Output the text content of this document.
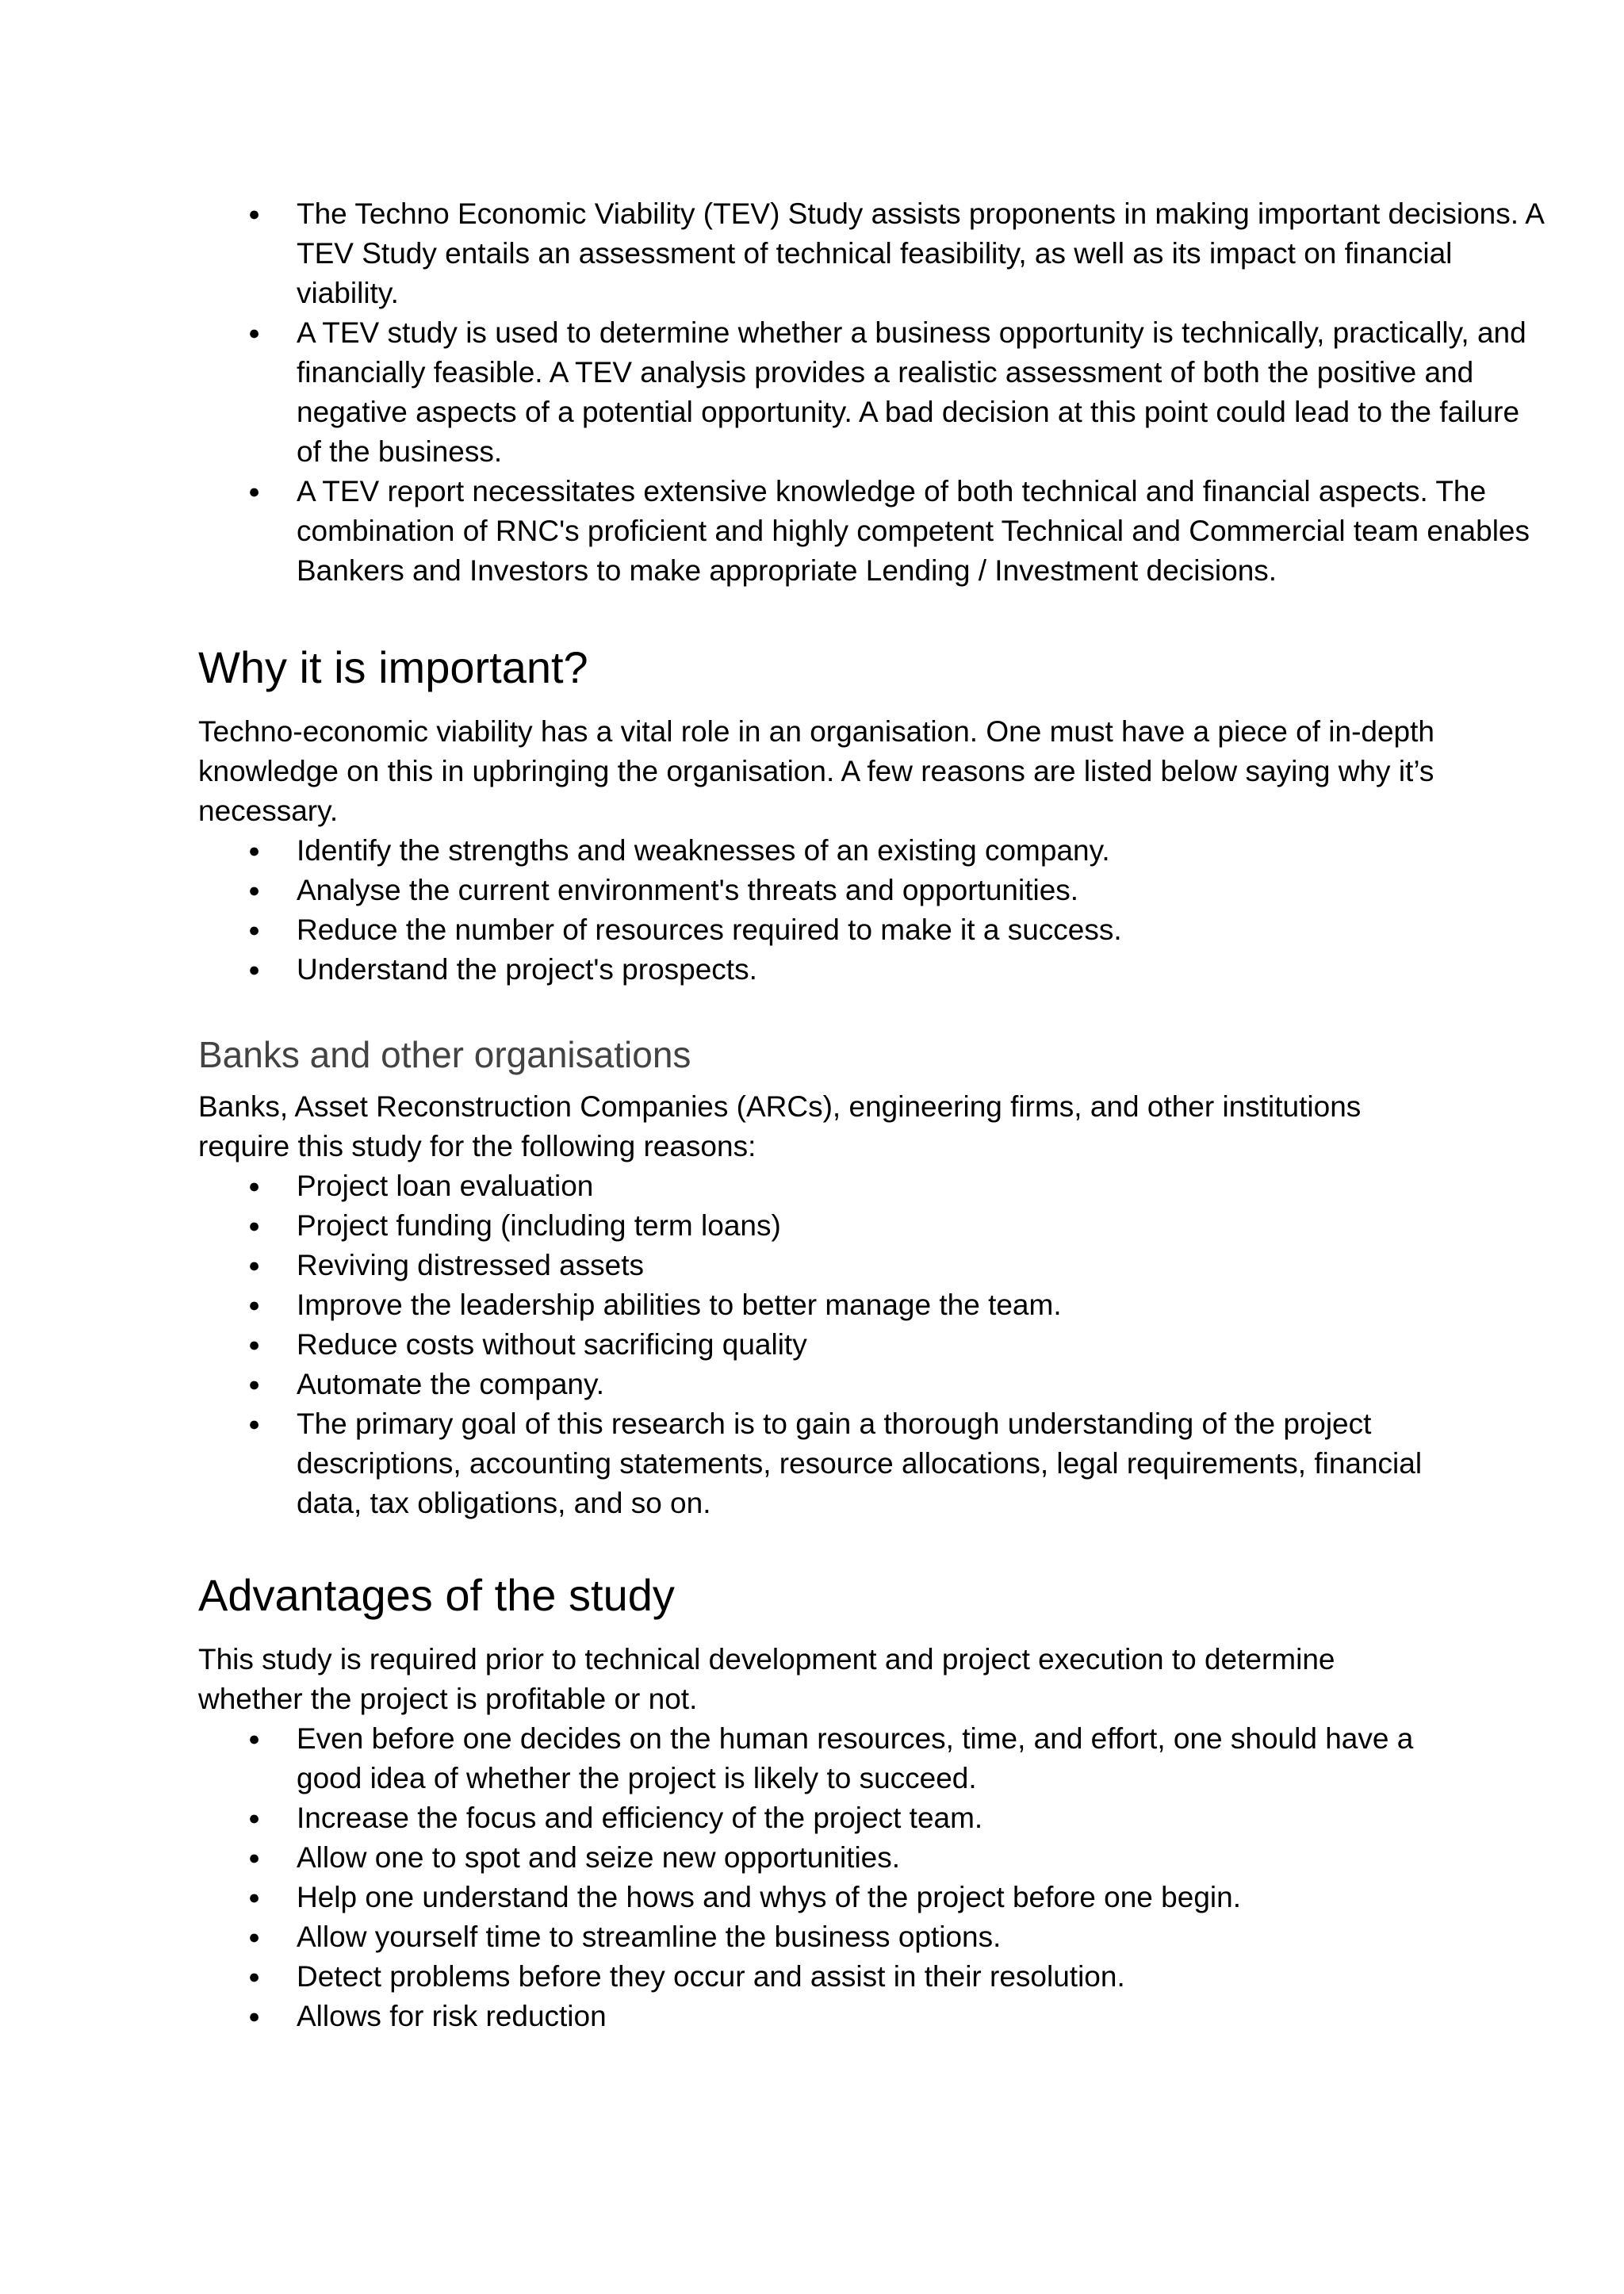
● The Techno Economic Viability (TEV) Study assists proponents in making important decisions. A TEV Study entails an assessment of technical feasibility, as well as its impact on financial viability.
● A TEV study is used to determine whether a business opportunity is technically, practically, and financially feasible. A TEV analysis provides a realistic assessment of both the positive and negative aspects of a potential opportunity. A bad decision at this point could lead to the failure of the business.
● A TEV report necessitates extensive knowledge of both technical and financial aspects. The combination of RNC's proficient and highly competent Technical and Commercial team enables Bankers and Investors to make appropriate Lending / Investment decisions.
Why it is important?

Techno-economic viability has a vital role in an organisation. One must have a piece of in-depth knowledge on this in upbringing the organisation. A few reasons are listed below saying why it’s necessary.

● Identify the strengths and weaknesses of an existing company.
● Analyse the current environment's threats and opportunities.
● Reduce the number of resources required to make it a success.
● Understand the project's prospects.
Banks and other organisations

Banks, Asset Reconstruction Companies (ARCs), engineering firms, and other institutions require this study for the following reasons:

● Project loan evaluation
● Project funding (including term loans)
● Reviving distressed assets
● Improve the leadership abilities to better manage the team.
● Reduce costs without sacrificing quality
● Automate the company.
● The primary goal of this research is to gain a thorough understanding of the project descriptions, accounting statements, resource allocations, legal requirements, financial data, tax obligations, and so on.
Advantages of the study

This study is required prior to technical development and project execution to determine whether the project is profitable or not.

● Even before one decides on the human resources, time, and effort, one should have a good idea of whether the project is likely to succeed.
● Increase the focus and efficiency of the project team.
● Allow one to spot and seize new opportunities.
● Help one understand the hows and whys of the project before one begin.
● Allow yourself time to streamline the business options.
● Detect problems before they occur and assist in their resolution.
● Allows for risk reduction
